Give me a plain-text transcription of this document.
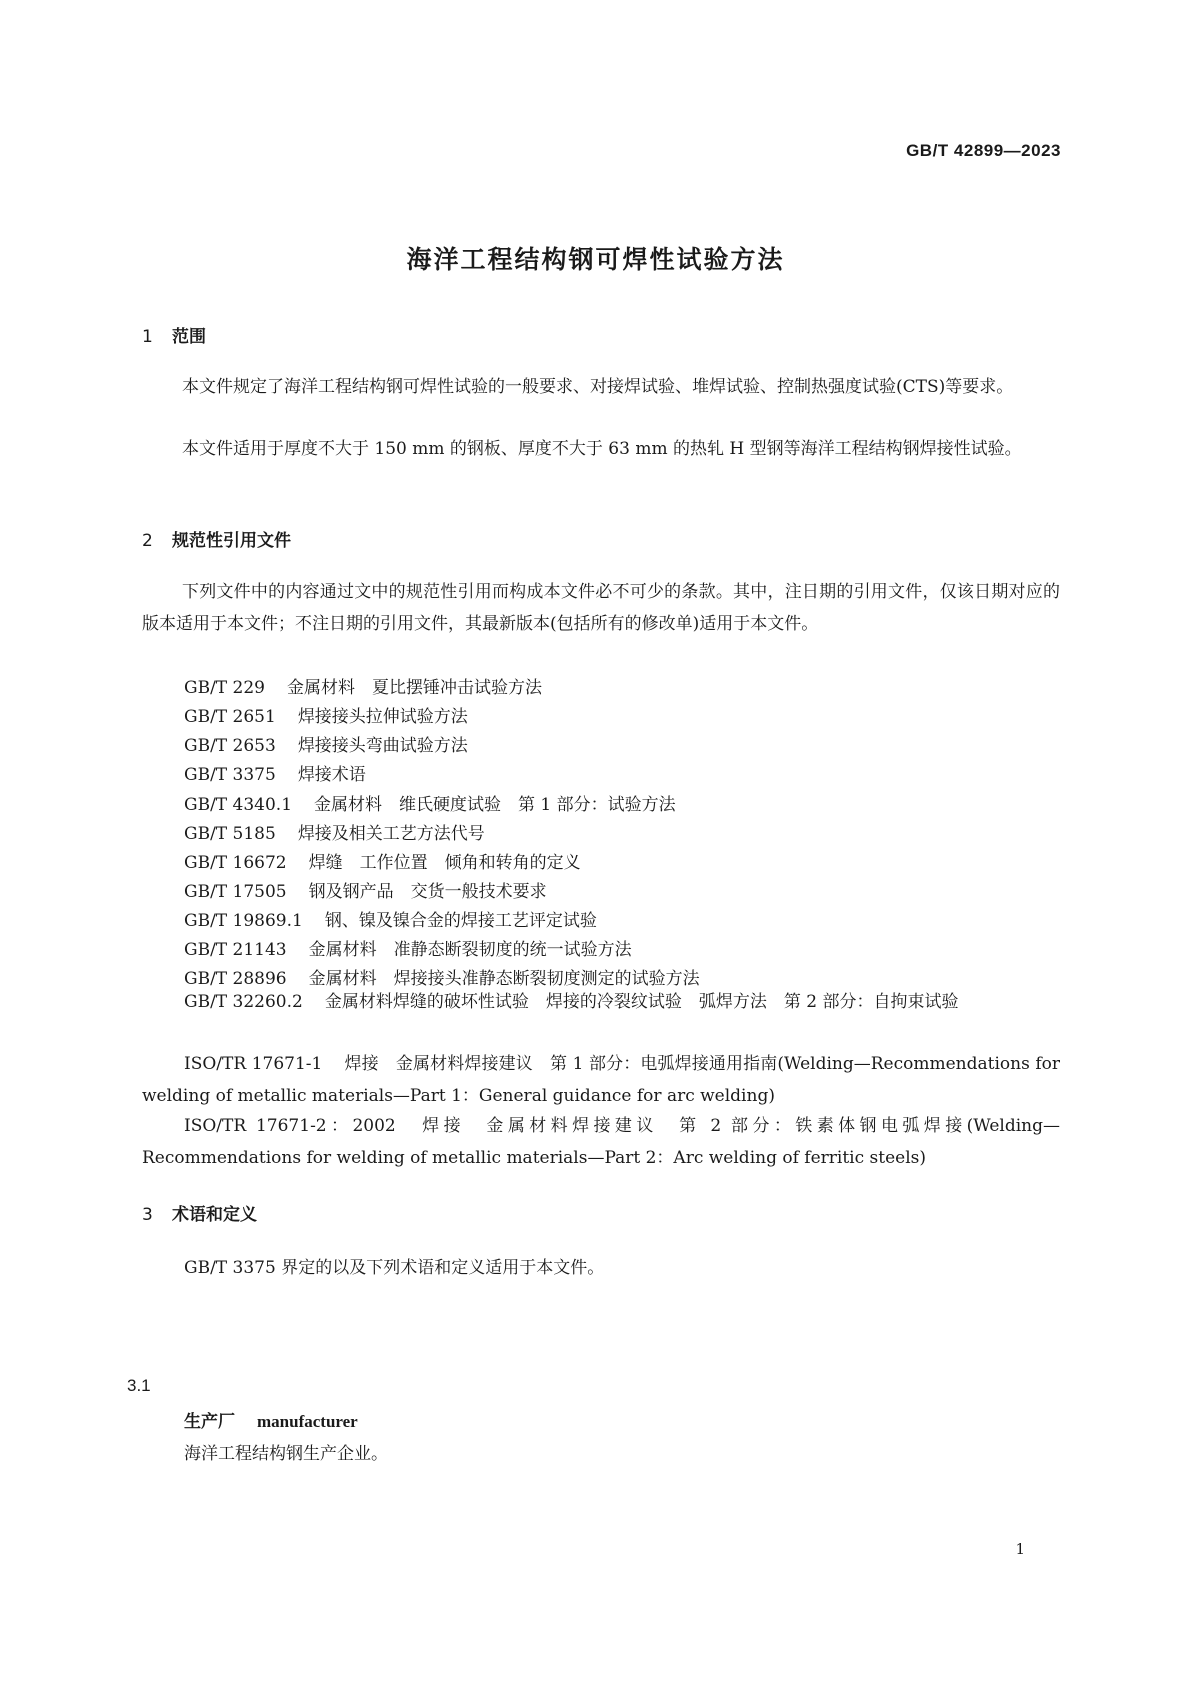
GB/T 42899—2023
海洋工程结构钢可焊性试验方法
1 范围
本文件规定了海洋工程结构钢可焊性试验的一般要求、对接焊试验、堆焊试验、控制热强度试验(CTS)等要求。
本文件适用于厚度不大于 150 mm 的钢板、厚度不大于 63 mm 的热轧 H 型钢等海洋工程结构钢焊接性试验。
2 规范性引用文件
下列文件中的内容通过文中的规范性引用而构成本文件必不可少的条款。其中，注日期的引用文件，仅该日期对应的版本适用于本文件；不注日期的引用文件，其最新版本(包括所有的修改单)适用于本文件。
GB/T 229 金属材料　夏比摆锤冲击试验方法
GB/T 2651 焊接接头拉伸试验方法
GB/T 2653 焊接接头弯曲试验方法
GB/T 3375 焊接术语
GB/T 4340.1 金属材料　维氏硬度试验　第 1 部分：试验方法
GB/T 5185 焊接及相关工艺方法代号
GB/T 16672 焊缝　工作位置　倾角和转角的定义
GB/T 17505 钢及钢产品　交货一般技术要求
GB/T 19869.1 钢、镍及镍合金的焊接工艺评定试验
GB/T 21143 金属材料　准静态断裂韧度的统一试验方法
GB/T 28896 金属材料　焊接接头准静态断裂韧度测定的试验方法
GB/T 32260.2 金属材料焊缝的破坏性试验　焊接的冷裂纹试验　弧焊方法　第 2 部分：自拘束试验
ISO/TR 17671-1 焊接　金属材料焊接建议　第 1 部分：电弧焊接通用指南(Welding—Recommendations for welding of metallic materials—Part 1：General guidance for arc welding)
ISO/TR 17671-2：2002 焊接　金属材料焊接建议　第 2 部分：铁素体钢电弧焊接(Welding—Recommendations for welding of metallic materials—Part 2：Arc welding of ferritic steels)
3 术语和定义
GB/T 3375 界定的以及下列术语和定义适用于本文件。
3.1
生产厂 manufacturer
海洋工程结构钢生产企业。
1
